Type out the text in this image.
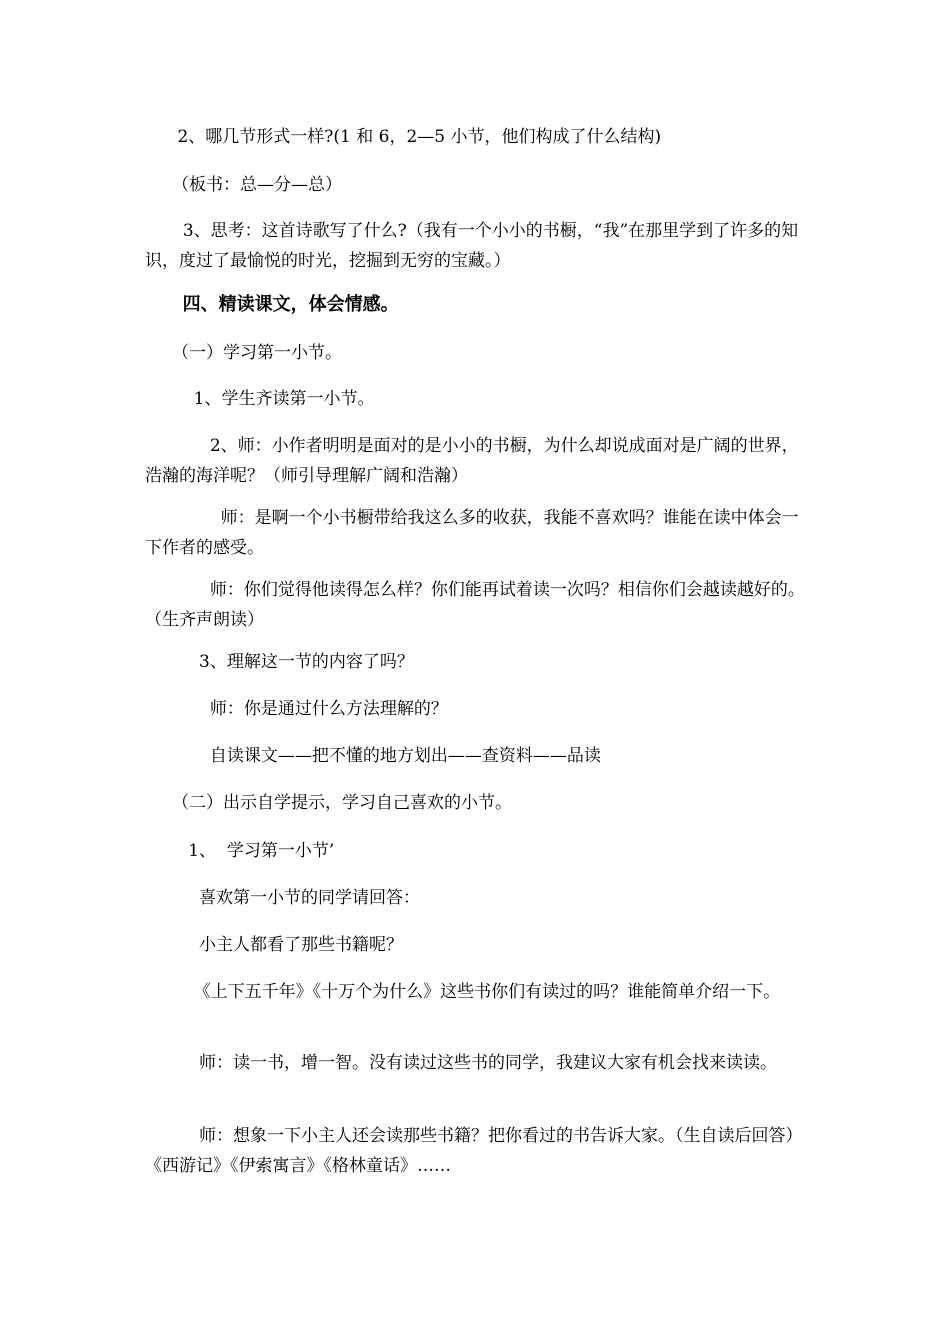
2、哪几节形式一样?(1 和 6，2—5 小节，他们构成了什么结构)

（板书：总—分—总）

3、思考：这首诗歌写了什么?（我有一个小小的书橱，“我”在那里学到了许多的知识，度过了最愉悦的时光，挖掘到无穷的宝藏。）

四、精读课文，体会情感。

（一）学习第一小节。

1、学生齐读第一小节。

2、师：小作者明明是面对的是小小的书橱，为什么却说成面对是广阔的世界，浩瀚的海洋呢？（师引导理解广阔和浩瀚）

师：是啊一个小书橱带给我这么多的收获，我能不喜欢吗？谁能在读中体会一下作者的感受。

师：你们觉得他读得怎么样？你们能再试着读一次吗？相信你们会越读越好的。（生齐声朗读）

3、理解这一节的内容了吗？

师：你是通过什么方法理解的？

自读课文——把不懂的地方划出——查资料——品读

（二）出示自学提示，学习自己喜欢的小节。

1、  学习第一小节’

喜欢第一小节的同学请回答：

小主人都看了那些书籍呢？

《上下五千年》《十万个为什么》这些书你们有读过的吗？谁能简单介绍一下。

师：读一书，增一智。没有读过这些书的同学，我建议大家有机会找来读读。

师：想象一下小主人还会读那些书籍？把你看过的书告诉大家。（生自读后回答）《西游记》《伊索寓言》《格林童话》……
